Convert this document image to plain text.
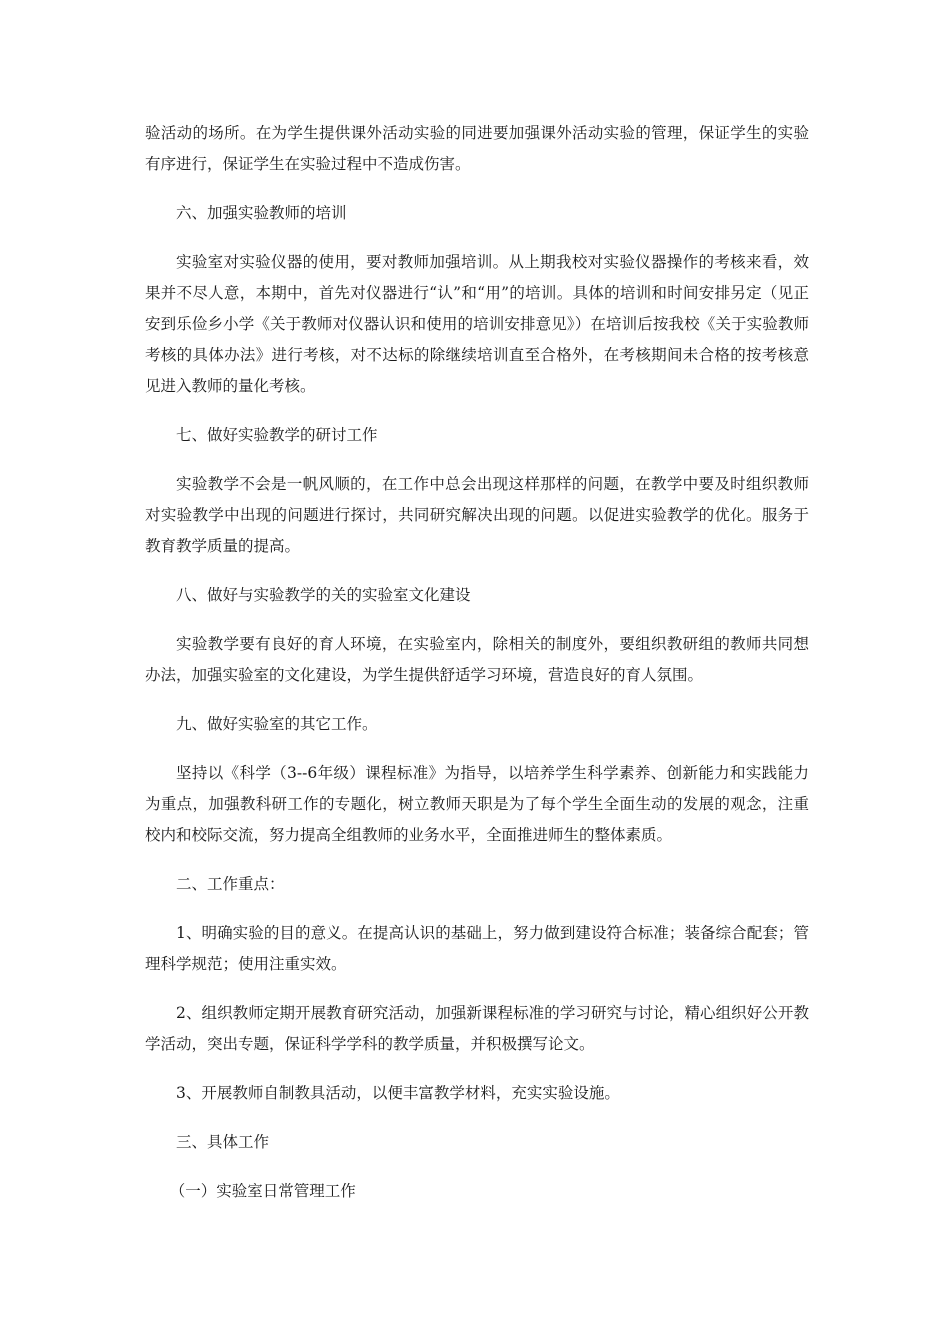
验活动的场所。在为学生提供课外活动实验的同进要加强课外活动实验的管理，保证学生的实验有序进行，保证学生在实验过程中不造成伤害。

六、加强实验教师的培训

实验室对实验仪器的使用，要对教师加强培训。从上期我校对实验仪器操作的考核来看，效果并不尽人意，本期中，首先对仪器进行“认”和“用”的培训。具体的培训和时间安排另定（见正安到乐俭乡小学《关于教师对仪器认识和使用的培训安排意见》）在培训后按我校《关于实验教师考核的具体办法》进行考核，对不达标的除继续培训直至合格外，在考核期间未合格的按考核意见进入教师的量化考核。

七、做好实验教学的研讨工作

实验教学不会是一帆风顺的，在工作中总会出现这样那样的问题，在教学中要及时组织教师对实验教学中出现的问题进行探讨，共同研究解决出现的问题。以促进实验教学的优化。服务于教育教学质量的提高。

八、做好与实验教学的关的实验室文化建设

实验教学要有良好的育人环境，在实验室内，除相关的制度外，要组织教研组的教师共同想办法，加强实验室的文化建设，为学生提供舒适学习环境，营造良好的育人氛围。

九、做好实验室的其它工作。

坚持以《科学（3--6年级）课程标准》为指导，以培养学生科学素养、创新能力和实践能力为重点，加强教科研工作的专题化，树立教师天职是为了每个学生全面生动的发展的观念，注重校内和校际交流，努力提高全组教师的业务水平，全面推进师生的整体素质。

二、工作重点：

1、明确实验的目的意义。在提高认识的基础上，努力做到建设符合标准；装备综合配套；管理科学规范；使用注重实效。

2、组织教师定期开展教育研究活动，加强新课程标准的学习研究与讨论，精心组织好公开教学活动，突出专题，保证科学学科的教学质量，并积极撰写论文。

3、开展教师自制教具活动，以便丰富教学材料，充实实验设施。

三、具体工作

（一）实验室日常管理工作
